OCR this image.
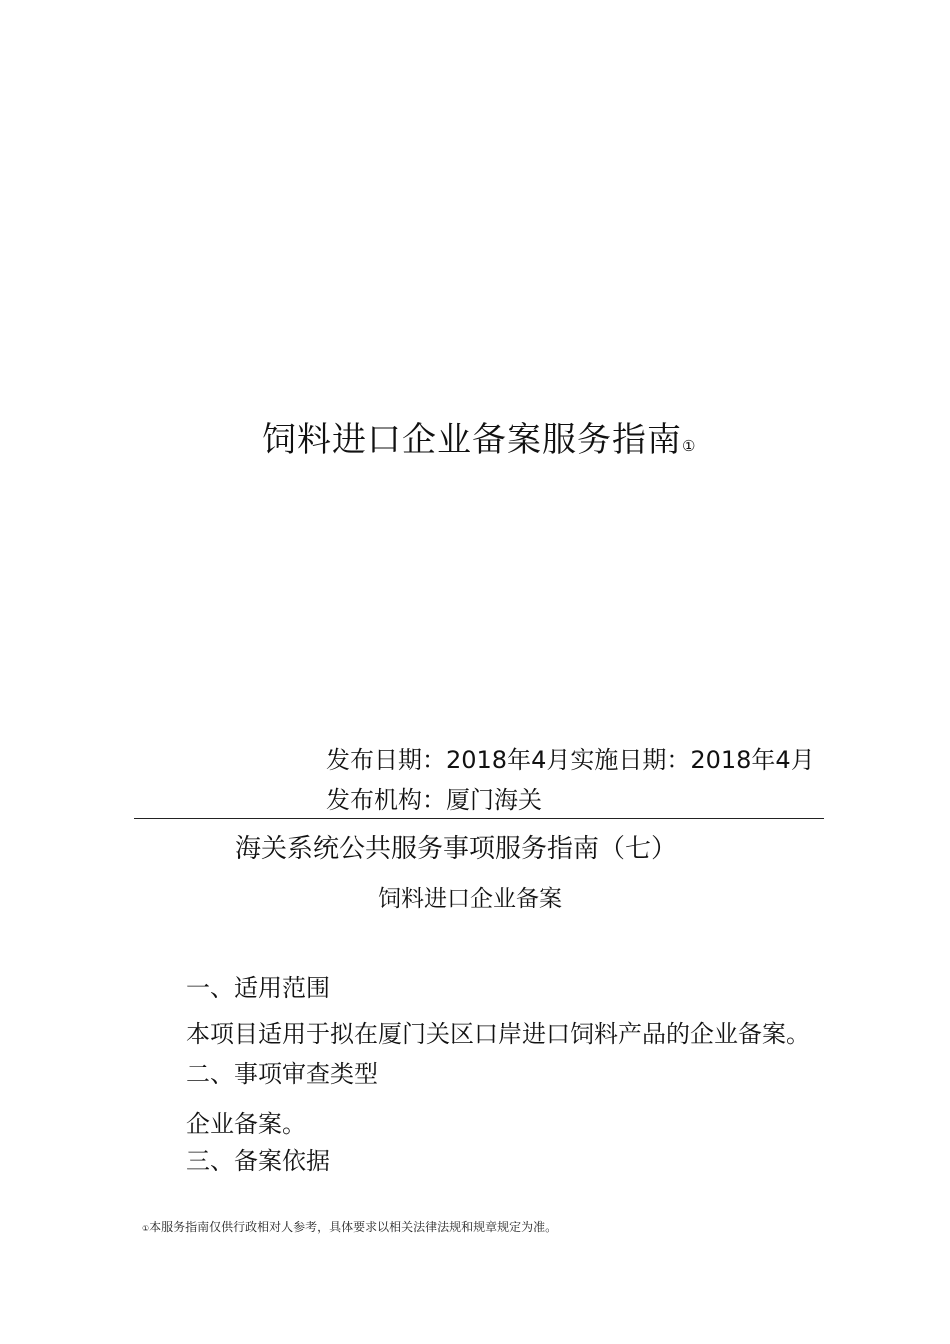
饲料进口企业备案服务指南①
发布日期：2018年4月实施日期：2018年4月发布机构：厦门海关
海关系统公共服务事项服务指南（七）
饲料进口企业备案
一、适用范围
本项目适用于拟在厦门关区口岸进口饲料产品的企业备案。
二、事项审查类型
企业备案。
三、备案依据
①本服务指南仅供行政相对人参考，具体要求以相关法律法规和规章规定为准。
